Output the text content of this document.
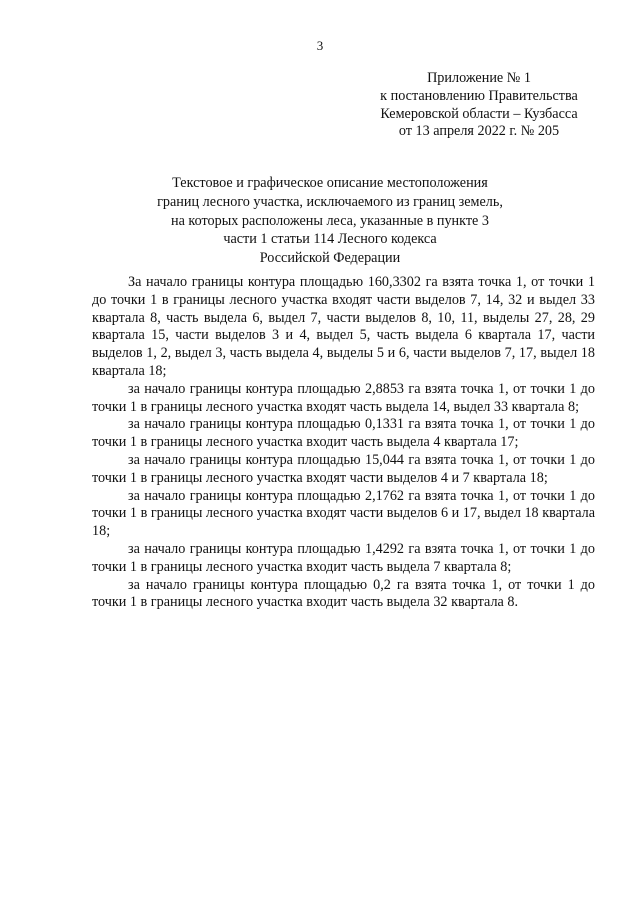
3
Приложение № 1
к постановлению Правительства
Кемеровской области – Кузбасса
от 13 апреля 2022 г. № 205
Текстовое и графическое описание местоположения
границ лесного участка, исключаемого из границ земель,
на которых расположены леса, указанные в пункте 3
части 1 статьи 114 Лесного кодекса
Российской Федерации

За начало границы контура площадью 160,3302 га взята точка 1, от точки 1 до точки 1 в границы лесного участка входят части выделов 7, 14, 32 и выдел 33 квартала 8, часть выдела 6, выдел 7, части выделов 8, 10, 11, выделы 27, 28, 29 квартала 15, части выделов 3 и 4, выдел 5, часть выдела 6 квартала 17, части выделов 1, 2, выдел 3, часть выдела 4, выделы 5 и 6, части выделов 7, 17, выдел 18 квартала 18;

за начало границы контура площадью 2,8853 га взята точка 1, от точки 1 до точки 1 в границы лесного участка входят часть выдела 14, выдел 33 квартала 8;

за начало границы контура площадью 0,1331 га взята точка 1, от точки 1 до точки 1 в границы лесного участка входит часть выдела 4 квартала 17;

за начало границы контура площадью 15,044 га взята точка 1, от точки 1 до точки 1 в границы лесного участка входят части выделов 4 и 7 квартала 18;

за начало границы контура площадью 2,1762 га взята точка 1, от точки 1 до точки 1 в границы лесного участка входят части выделов 6 и 17, выдел 18 квартала 18;

за начало границы контура площадью 1,4292 га взята точка 1, от точки 1 до точки 1 в границы лесного участка входит часть выдела 7 квартала 8;

за начало границы контура площадью 0,2 га взята точка 1, от точки 1 до точки 1 в границы лесного участка входит часть выдела 32 квартала 8.
